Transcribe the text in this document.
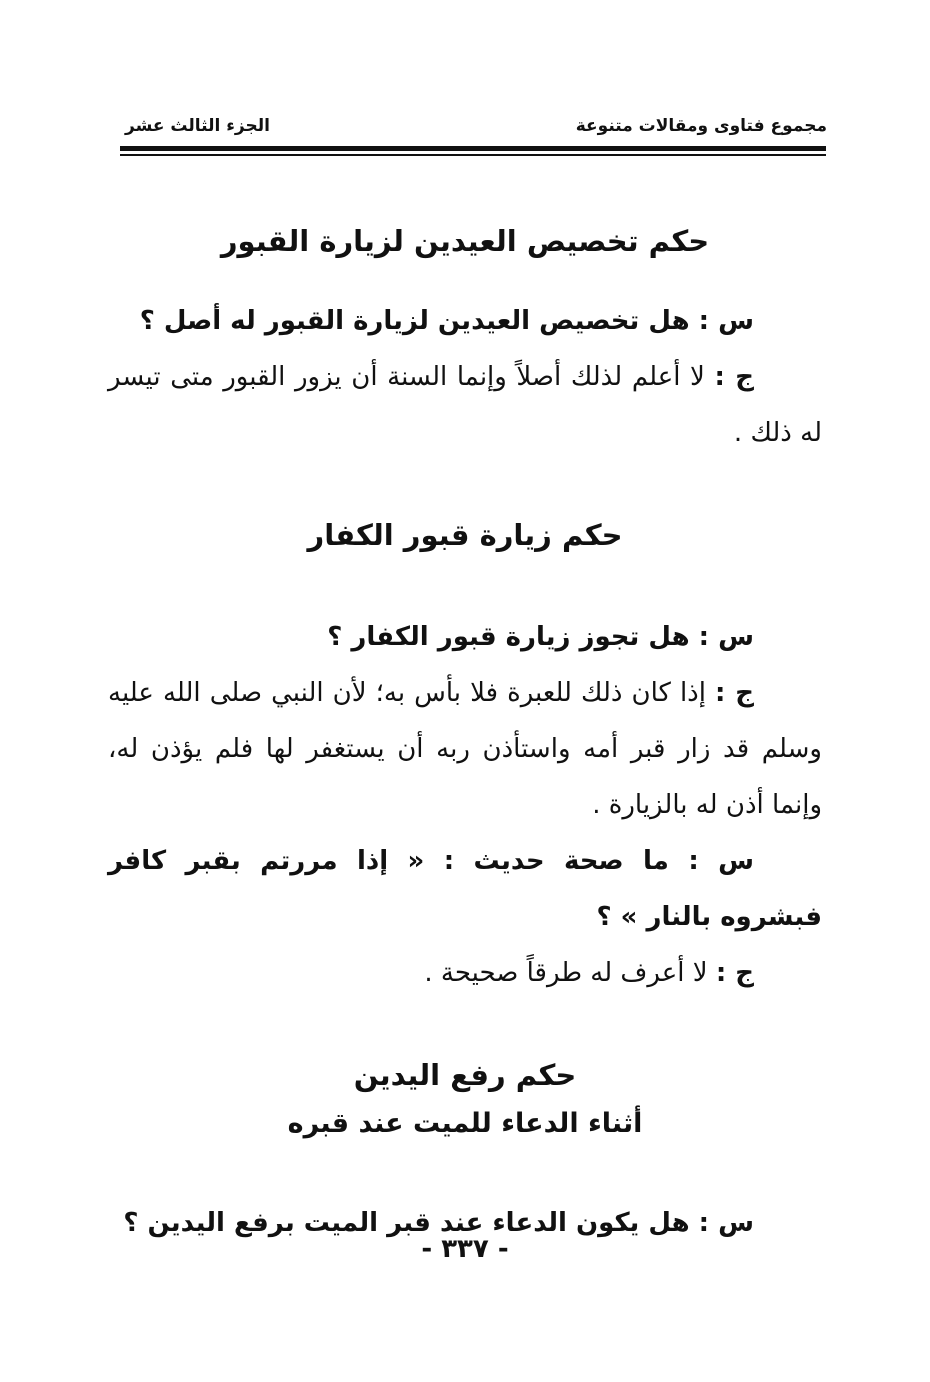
مجموع فتاوى ومقالات متنوعة
الجزء الثالث عشر
حكم تخصيص العيدين لزيارة القبور

س : هل تخصيص العيدين لزيارة القبور له أصل ؟

ج : لا أعلم لذلك أصلاً وإنما السنة أن يزور القبور متى تيسر له ذلك .

حكم زيارة قبور الكفار

س : هل تجوز زيارة قبور الكفار ؟

ج : إذا كان ذلك للعبرة فلا بأس به؛ لأن النبي صلى الله عليه وسلم قد زار قبر أمه واستأذن ربه أن يستغفر لها فلم يؤذن له، وإنما أذن له بالزيارة .

س : ما صحة حديث : « إذا مررتم بقبر كافر فبشروه بالنار » ؟

ج : لا أعرف له طرقاً صحيحة .

حكم رفع اليدين
أثناء الدعاء للميت عند قبره

س : هل يكون الدعاء عند قبر الميت برفع اليدين ؟

- ٣٣٧ -
